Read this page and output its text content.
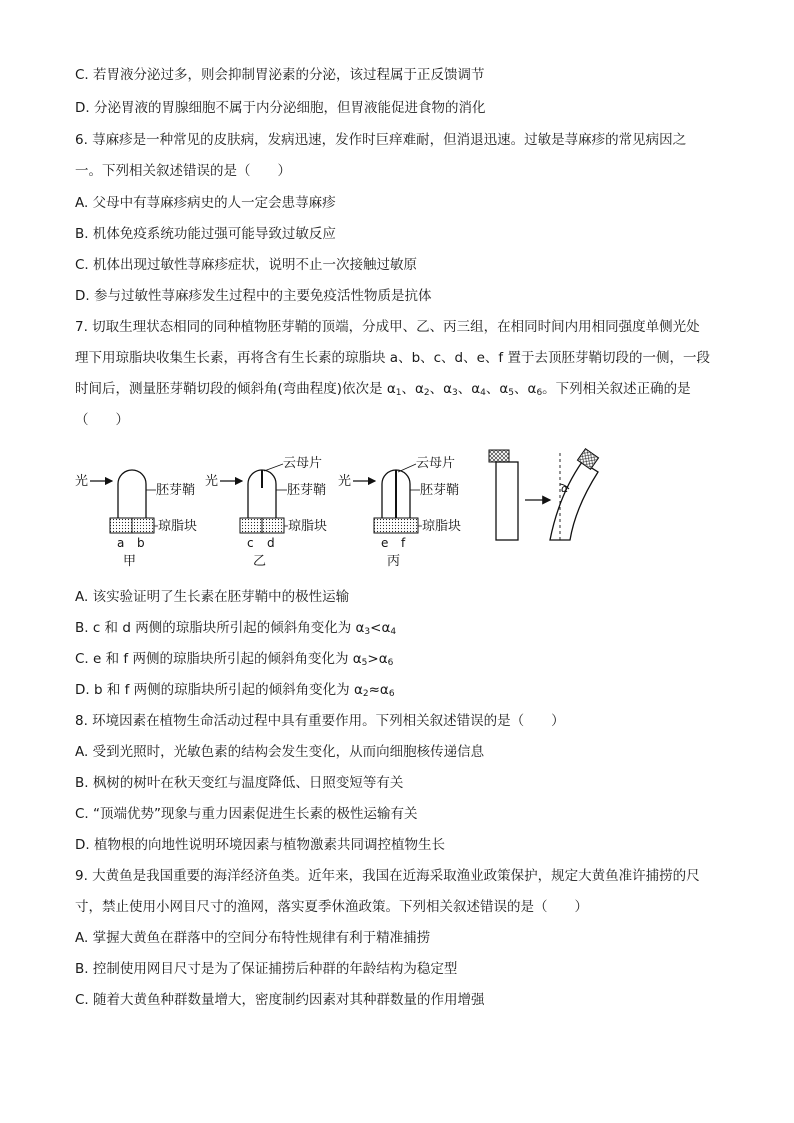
C. 若胃液分泌过多，则会抑制胃泌素的分泌，该过程属于正反馈调节
D. 分泌胃液的胃腺细胞不属于内分泌细胞，但胃液能促进食物的消化
6. 荨麻疹是一种常见的皮肤病，发病迅速，发作时巨痒难耐，但消退迅速。过敏是荨麻疹的常见病因之
一。下列相关叙述错误的是（　　）
A. 父母中有荨麻疹病史的人一定会患荨麻疹
B. 机体免疫系统功能过强可能导致过敏反应
C. 机体出现过敏性荨麻疹症状，说明不止一次接触过敏原
D. 参与过敏性荨麻疹发生过程中的主要免疫活性物质是抗体
7. 切取生理状态相同的同种植物胚芽鞘的顶端，分成甲、乙、丙三组，在相同时间内用相同强度单侧光处
理下用琼脂块收集生长素，再将含有生长素的琼脂块 a、b、c、d、e、f 置于去顶胚芽鞘切段的一侧，一段
时间后，测量胚芽鞘切段的倾斜角(弯曲程度)依次是 $\alpha_1$、$\alpha_2$、$\alpha_3$、$\alpha_4$、$\alpha_5$、$\alpha_6$。下列相关叙述正确的是
（　　）
光
胚芽鞘
琼脂块
a b
甲
光
云母片
胚芽鞘
琼脂块
c d
乙
光
云母片
胚芽鞘
琼脂块
e f
丙
α
A. 该实验证明了生长素在胚芽鞘中的极性运输
B. c 和 d 两侧的琼脂块所引起的倾斜角变化为 $\alpha_3<\alpha_4$
C. e 和 f 两侧的琼脂块所引起的倾斜角变化为 $\alpha_5>\alpha_6$
D. b 和 f 两侧的琼脂块所引起的倾斜角变化为 $\alpha_2\approx\alpha_6$
8. 环境因素在植物生命活动过程中具有重要作用。下列相关叙述错误的是（　　）
A. 受到光照时，光敏色素的结构会发生变化，从而向细胞核传递信息
B. 枫树的树叶在秋天变红与温度降低、日照变短等有关
C. “顶端优势”现象与重力因素促进生长素的极性运输有关
D. 植物根的向地性说明环境因素与植物激素共同调控植物生长
9. 大黄鱼是我国重要的海洋经济鱼类。近年来，我国在近海采取渔业政策保护，规定大黄鱼准许捕捞的尺
寸，禁止使用小网目尺寸的渔网，落实夏季休渔政策。下列相关叙述错误的是（　　）
A. 掌握大黄鱼在群落中的空间分布特性规律有利于精准捕捞
B. 控制使用网目尺寸是为了保证捕捞后种群的年龄结构为稳定型
C. 随着大黄鱼种群数量增大，密度制约因素对其种群数量的作用增强
